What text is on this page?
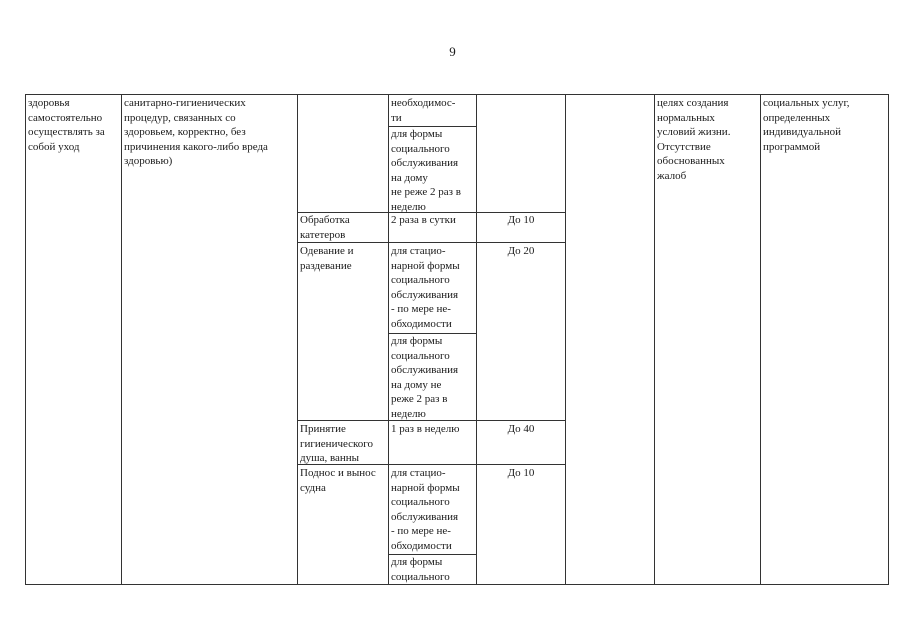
9
здоровья
самостоятельно
осуществлять за
собой уход
санитарно-гигиенических
процедур, связанных со
здоровьем, корректно, без
причинения какого-либо вреда
здоровью)
целях создания
нормальных
условий жизни.
Отсутствие
обоснованных
жалоб
социальных услуг,
определенных
индивидуальной
программой
необходимос-
ти
для формы
социального
обслуживания
на дому
не реже 2 раз в
неделю
Обработка
катетеров
2 раза в сутки	До 10
Одевание и
раздевание
для стацио-
нарной формы
социального
обслуживания
- по мере не-
обходимости
для формы
социального
обслуживания
на дому не
реже 2 раз в
неделю
До 20
Принятие
гигиенического
душа, ванны
1 раз в неделю	До 40
Поднос и вынос
судна
для стацио-
нарной формы
социального
обслуживания
- по мере не-
обходимости
для формы
социального
До 10
